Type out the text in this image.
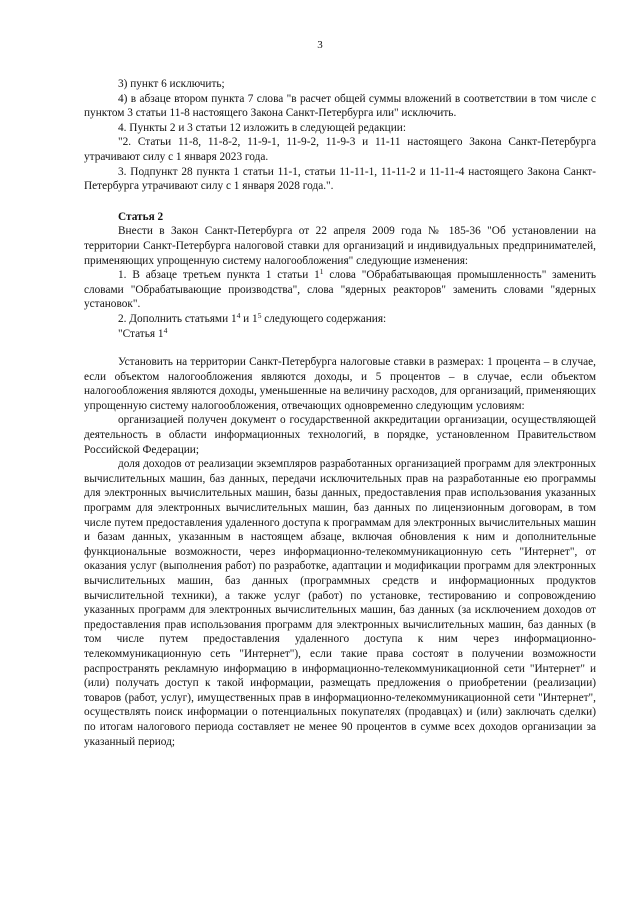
3

3) пункт 6 исключить;

4) в абзаце втором пункта 7 слова "в расчет общей суммы вложений в соответствии в том числе с пунктом 3 статьи 11-8 настоящего Закона Санкт-Петербурга или" исключить.

4. Пункты 2 и 3 статьи 12 изложить в следующей редакции:

"2. Статьи 11-8, 11-8-2, 11-9-1, 11-9-2, 11-9-3 и 11-11 настоящего Закона Санкт-Петербурга утрачивают силу с 1 января 2023 года.

3. Подпункт 28 пункта 1 статьи 11-1, статьи 11-11-1, 11-11-2 и 11-11-4 настоящего Закона Санкт-Петербурга утрачивают силу с 1 января 2028 года.".

Статья 2

Внести в Закон Санкт-Петербурга от 22 апреля 2009 года № 185-36 "Об установлении на территории Санкт-Петербурга налоговой ставки для организаций и индивидуальных предпринимателей, применяющих упрощенную систему налогообложения" следующие изменения:

1. В абзаце третьем пункта 1 статьи $1^1$ слова "Обрабатывающая промышленность" заменить словами "Обрабатывающие производства", слова "ядерных реакторов" заменить словами "ядерных установок".

2. Дополнить статьями $1^4$ и $1^5$ следующего содержания:

"Статья $1^4$

Установить на территории Санкт-Петербурга налоговые ставки в размерах: 1 процента – в случае, если объектом налогообложения являются доходы, и 5 процентов – в случае, если объектом налогообложения являются доходы, уменьшенные на величину расходов, для организаций, применяющих упрощенную систему налогообложения, отвечающих одновременно следующим условиям:

организацией получен документ о государственной аккредитации организации, осуществляющей деятельность в области информационных технологий, в порядке, установленном Правительством Российской Федерации;

доля доходов от реализации экземпляров разработанных организацией программ для электронных вычислительных машин, баз данных, передачи исключительных прав на разработанные ею программы для электронных вычислительных машин, базы данных, предоставления прав использования указанных программ для электронных вычислительных машин, баз данных по лицензионным договорам, в том числе путем предоставления удаленного доступа к программам для электронных вычислительных машин и базам данных, указанным в настоящем абзаце, включая обновления к ним и дополнительные функциональные возможности, через информационно-телекоммуникационную сеть "Интернет", от оказания услуг (выполнения работ) по разработке, адаптации и модификации программ для электронных вычислительных машин, баз данных (программных средств и информационных продуктов вычислительной техники), а также услуг (работ) по установке, тестированию и сопровождению указанных программ для электронных вычислительных машин, баз данных (за исключением доходов от предоставления прав использования программ для электронных вычислительных машин, баз данных (в том числе путем предоставления удаленного доступа к ним через информационно-телекоммуникационную сеть "Интернет"), если такие права состоят в получении возможности распространять рекламную информацию в информационно-телекоммуникационной сети "Интернет" и (или) получать доступ к такой информации, размещать предложения о приобретении (реализации) товаров (работ, услуг), имущественных прав в информационно-телекоммуникационной сети "Интернет", осуществлять поиск информации о потенциальных покупателях (продавцах) и (или) заключать сделки) по итогам налогового периода составляет не менее 90 процентов в сумме всех доходов организации за указанный период;
